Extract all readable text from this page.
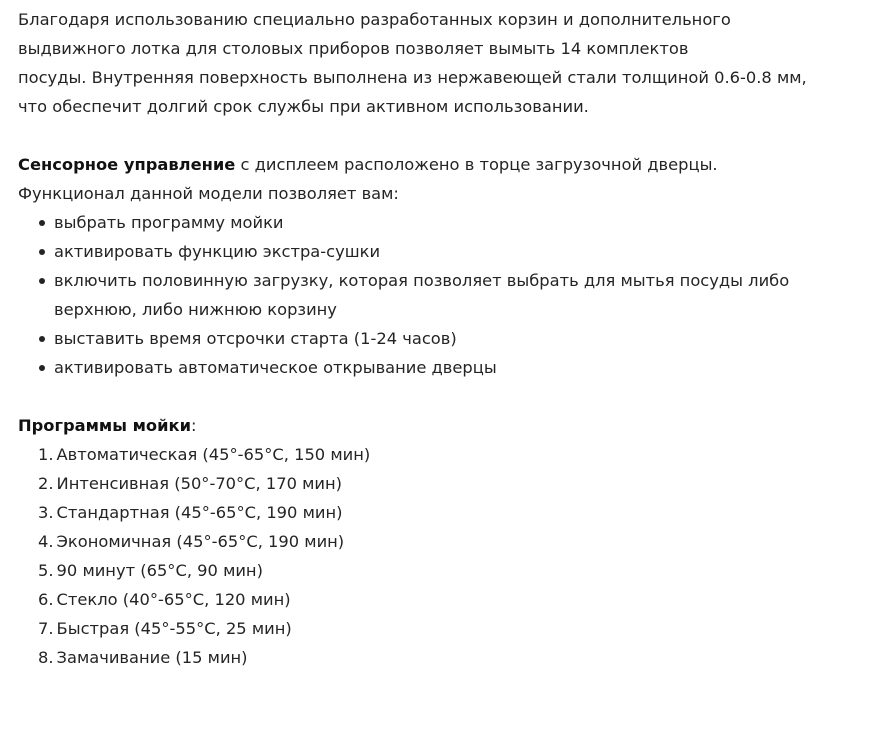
Благодаря использованию специально разработанных корзин и дополнительного
выдвижного лотка для столовых приборов позволяет вымыть 14 комплектов
посуды. Внутренняя поверхность выполнена из нержавеющей стали толщиной 0.6-0.8 мм,
что обеспечит долгий срок службы при активном использовании.

Сенсорное управление с дисплеем расположено в торце загрузочной дверцы.
Функционал данной модели позволяет вам:

выбрать программу мойки
активировать функцию экстра-сушки
включить половинную загрузку, которая позволяет выбрать для мытья посуды либо верхнюю, либо нижнюю корзину
выставить время отсрочки старта (1-24 часов)
активировать автоматическое открывание дверцы

Программы мойки:

1. Автоматическая (45°-65°С, 150 мин)
2. Интенсивная (50°-70°С, 170 мин)
3. Стандартная (45°-65°С, 190 мин)
4. Экономичная (45°-65°С, 190 мин)
5. 90 минут (65°С, 90 мин)
6. Стекло (40°-65°С, 120 мин)
7. Быстрая (45°-55°С, 25 мин)
8. Замачивание (15 мин)
